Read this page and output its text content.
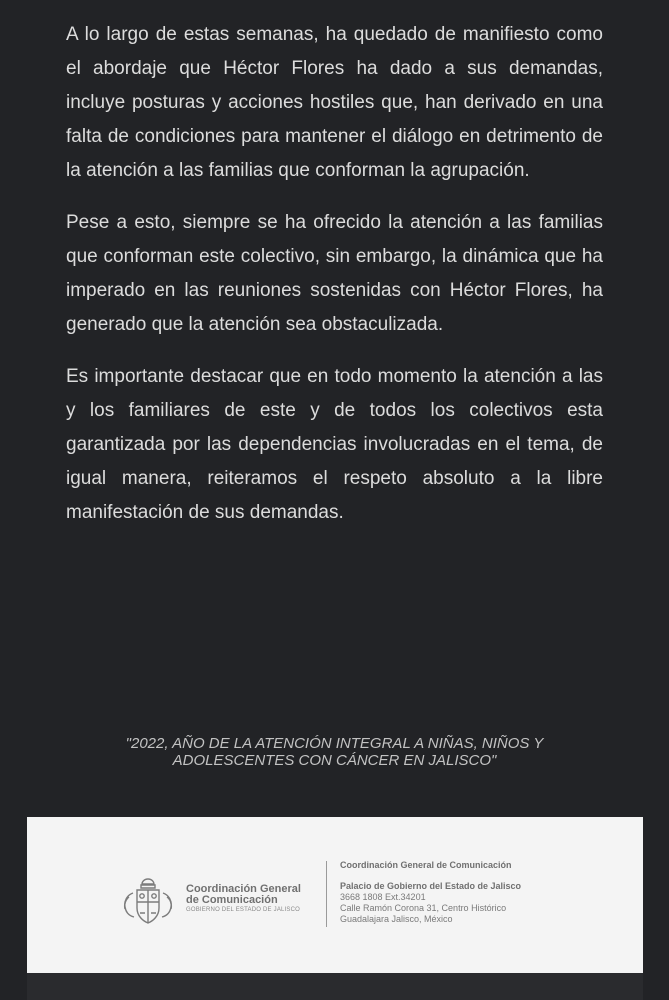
A lo largo de estas semanas, ha quedado de manifiesto como el abordaje que Héctor Flores ha dado a sus demandas, incluye posturas y acciones hostiles que, han derivado en una falta de condiciones para mantener el diálogo en detrimento de la atención a las familias que conforman la agrupación.

Pese a esto, siempre se ha ofrecido la atención a las familias que conforman este colectivo, sin embargo, la dinámica que ha imperado en las reuniones sostenidas con Héctor Flores, ha generado que la atención sea obstaculizada.

Es importante destacar que en todo momento la atención a las y los familiares de este y de todos los colectivos esta garantizada por las dependencias involucradas en el tema, de igual manera, reiteramos el respeto absoluto a la libre manifestación de sus demandas.

"2022, AÑO DE LA ATENCIÓN INTEGRAL A NIÑAS, NIÑOS Y
ADOLESCENTES CON CÁNCER EN JALISCO"
Coordinación General
de Comunicación
GOBIERNO DEL ESTADO DE JALISCO
Coordinación General de Comunicación
Palacio de Gobierno del Estado de Jalisco
3668 1808 Ext.34201
Calle Ramón Corona 31, Centro Histórico
Guadalajara Jalisco, México
